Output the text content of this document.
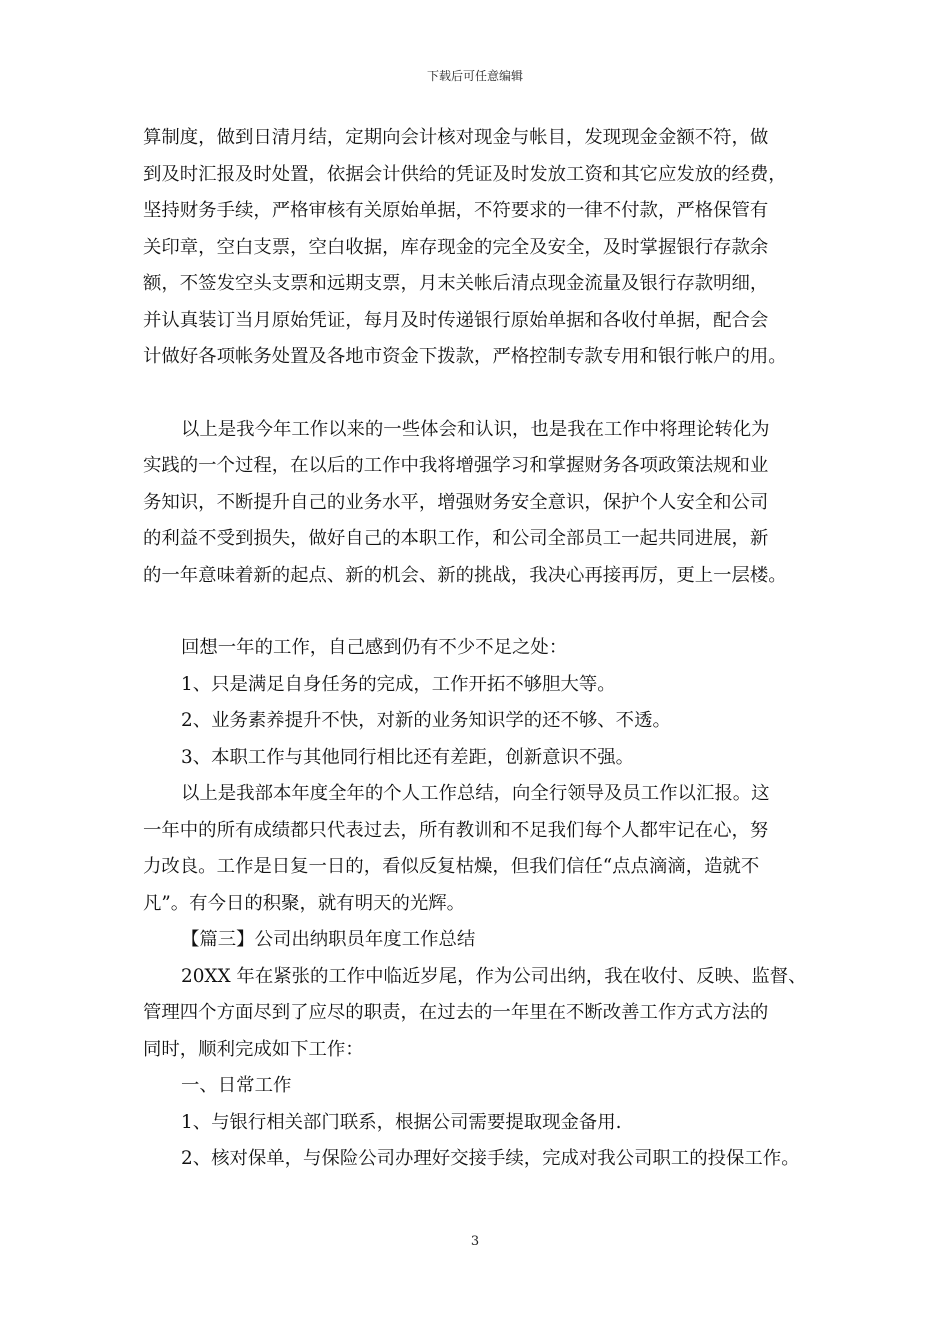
下载后可任意编辑
算制度，做到日清月结，定期向会计核对现金与帐目，发现现金金额不符，做
到及时汇报及时处置，依据会计供给的凭证及时发放工资和其它应发放的经费，
坚持财务手续，严格审核有关原始单据，不符要求的一律不付款，严格保管有
关印章，空白支票，空白收据，库存现金的完全及安全，及时掌握银行存款余
额，不签发空头支票和远期支票，月末关帐后清点现金流量及银行存款明细，
并认真装订当月原始凭证，每月及时传递银行原始单据和各收付单据，配合会
计做好各项帐务处置及各地市资金下拨款，严格控制专款专用和银行帐户的用。
以上是我今年工作以来的一些体会和认识，也是我在工作中将理论转化为
实践的一个过程，在以后的工作中我将增强学习和掌握财务各项政策法规和业
务知识，不断提升自己的业务水平，增强财务安全意识，保护个人安全和公司
的利益不受到损失，做好自己的本职工作，和公司全部员工一起共同进展，新
的一年意味着新的起点、新的机会、新的挑战，我决心再接再厉，更上一层楼。
回想一年的工作，自己感到仍有不少不足之处：
1、只是满足自身任务的完成，工作开拓不够胆大等。
2、业务素养提升不快，对新的业务知识学的还不够、不透。
3、本职工作与其他同行相比还有差距，创新意识不强。
以上是我部本年度全年的个人工作总结，向全行领导及员工作以汇报。这
一年中的所有成绩都只代表过去，所有教训和不足我们每个人都牢记在心，努
力改良。工作是日复一日的，看似反复枯燥，但我们信任“点点滴滴，造就不
凡”。有今日的积聚，就有明天的光辉。
【篇三】公司出纳职员年度工作总结
20XX 年在紧张的工作中临近岁尾，作为公司出纳，我在收付、反映、监督、
管理四个方面尽到了应尽的职责，在过去的一年里在不断改善工作方式方法的
同时，顺利完成如下工作：
一、日常工作
1、与银行相关部门联系，根据公司需要提取现金备用.
2、核对保单，与保险公司办理好交接手续，完成对我公司职工的投保工作。
3
